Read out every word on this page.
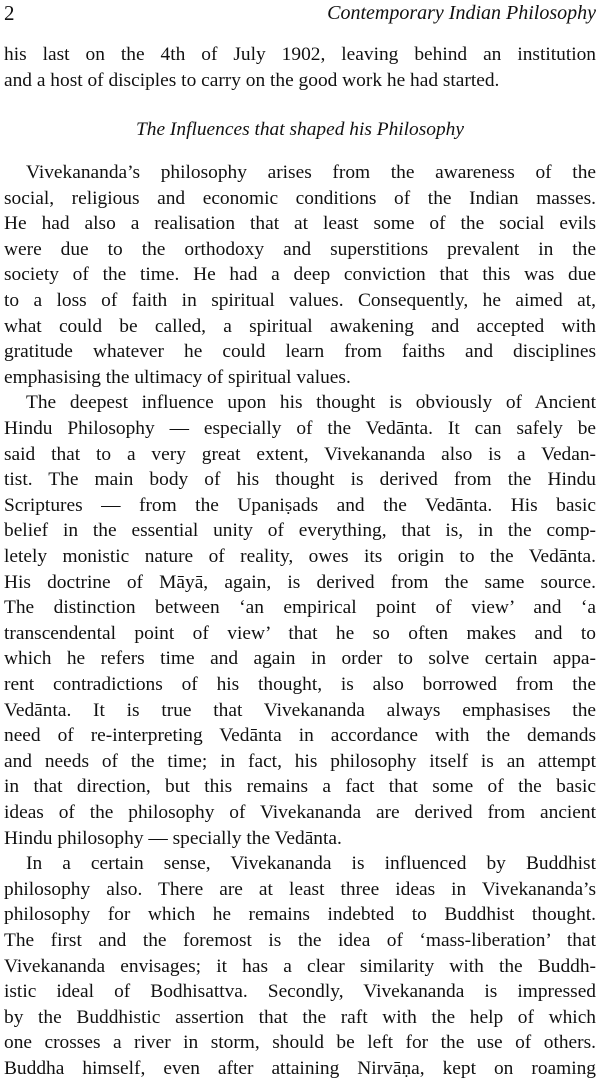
2	Contemporary Indian Philosophy
his last on the 4th of July 1902, leaving behind an institution
and a host of disciples to carry on the good work he had started.
The Influences that shaped his Philosophy
Vivekananda’s philosophy arises from the awareness of the
social, religious and economic conditions of the Indian masses.
He had also a realisation that at least some of the social evils
were due to the orthodoxy and superstitions prevalent in the
society of the time. He had a deep conviction that this was due
to a loss of faith in spiritual values. Consequently, he aimed at,
what could be called, a spiritual awakening and accepted with
gratitude whatever he could learn from faiths and disciplines
emphasising the ultimacy of spiritual values.
The deepest influence upon his thought is obviously of Ancient
Hindu Philosophy — especially of the Vedānta. It can safely be
said that to a very great extent, Vivekananda also is a Vedan-
tist. The main body of his thought is derived from the Hindu
Scriptures — from the Upaniṣads and the Vedānta. His basic
belief in the essential unity of everything, that is, in the comp-
letely monistic nature of reality, owes its origin to the Vedānta.
His doctrine of Māyā, again, is derived from the same source.
The distinction between ‘an empirical point of view’ and ‘a
transcendental point of view’ that he so often makes and to
which he refers time and again in order to solve certain appa-
rent contradictions of his thought, is also borrowed from the
Vedānta. It is true that Vivekananda always emphasises the
need of re-interpreting Vedānta in accordance with the demands
and needs of the time; in fact, his philosophy itself is an attempt
in that direction, but this remains a fact that some of the basic
ideas of the philosophy of Vivekananda are derived from ancient
Hindu philosophy — specially the Vedānta.
In a certain sense, Vivekananda is influenced by Buddhist
philosophy also. There are at least three ideas in Vivekananda’s
philosophy for which he remains indebted to Buddhist thought.
The first and the foremost is the idea of ‘mass-liberation’ that
Vivekananda envisages; it has a clear similarity with the Buddh-
istic ideal of Bodhisattva. Secondly, Vivekananda is impressed
by the Buddhistic assertion that the raft with the help of which
one crosses a river in storm, should be left for the use of others.
Buddha himself, even after attaining Nirvāṇa, kept on roaming
